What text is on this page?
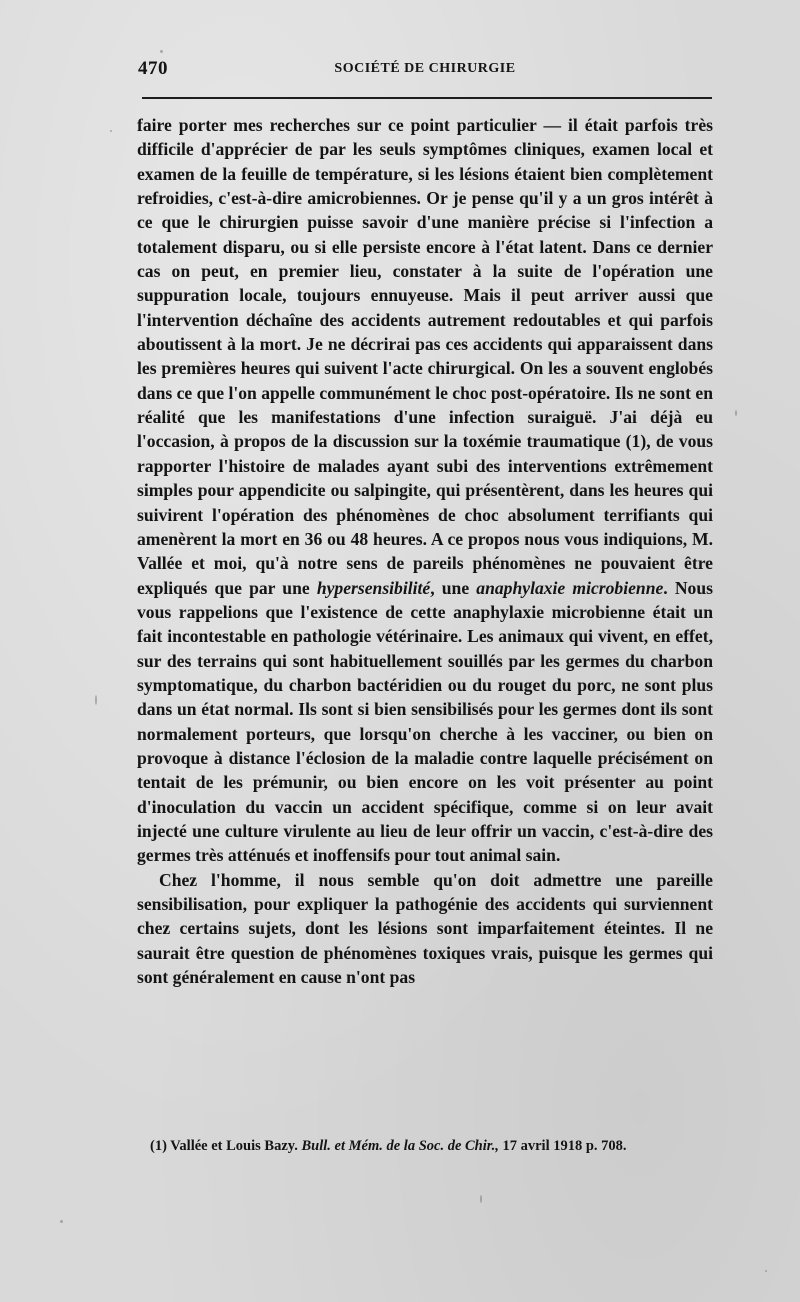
470	SOCIÉTÉ DE CHIRURGIE

faire porter mes recherches sur ce point particulier — il était parfois très difficile d'apprécier de par les seuls symptômes cliniques, examen local et examen de la feuille de température, si les lésions étaient bien complètement refroidies, c'est-à-dire amicrobiennes. Or je pense qu'il y a un gros intérêt à ce que le chirurgien puisse savoir d'une manière précise si l'infection a totalement disparu, ou si elle persiste encore à l'état latent. Dans ce dernier cas on peut, en premier lieu, constater à la suite de l'opération une suppuration locale, toujours ennuyeuse. Mais il peut arriver aussi que l'intervention déchaîne des accidents autrement redoutables et qui parfois aboutissent à la mort. Je ne décrirai pas ces accidents qui apparaissent dans les premières heures qui suivent l'acte chirurgical. On les a souvent englobés dans ce que l'on appelle communément le choc post-opératoire. Ils ne sont en réalité que les manifestations d'une infection suraiguë. J'ai déjà eu l'occasion, à propos de la discussion sur la toxémie traumatique (1), de vous rapporter l'histoire de malades ayant subi des interventions extrêmement simples pour appendicite ou salpingite, qui présentèrent, dans les heures qui suivirent l'opération des phénomènes de choc absolument terrifiants qui amenèrent la mort en 36 ou 48 heures. A ce propos nous vous indiquions, M. Vallée et moi, qu'à notre sens de pareils phénomènes ne pouvaient être expliqués que par une hypersensibilité, une anaphylaxie microbienne. Nous vous rappelions que l'existence de cette anaphylaxie microbienne était un fait incontestable en pathologie vétérinaire. Les animaux qui vivent, en effet, sur des terrains qui sont habituellement souillés par les germes du charbon symptomatique, du charbon bactéridien ou du rouget du porc, ne sont plus dans un état normal. Ils sont si bien sensibilisés pour les germes dont ils sont normalement porteurs, que lorsqu'on cherche à les vacciner, ou bien on provoque à distance l'éclosion de la maladie contre laquelle précisément on tentait de les prémunir, ou bien encore on les voit présenter au point d'inoculation du vaccin un accident spécifique, comme si on leur avait injecté une culture virulente au lieu de leur offrir un vaccin, c'est-à-dire des germes très atténués et inoffensifs pour tout animal sain.

Chez l'homme, il nous semble qu'on doit admettre une pareille sensibilisation, pour expliquer la pathogénie des accidents qui surviennent chez certains sujets, dont les lésions sont imparfaitement éteintes. Il ne saurait être question de phénomènes toxiques vrais, puisque les germes qui sont généralement en cause n'ont pas

(1) Vallée et Louis Bazy. Bull. et Mém. de la Soc. de Chir., 17 avril 1918 p. 708.
